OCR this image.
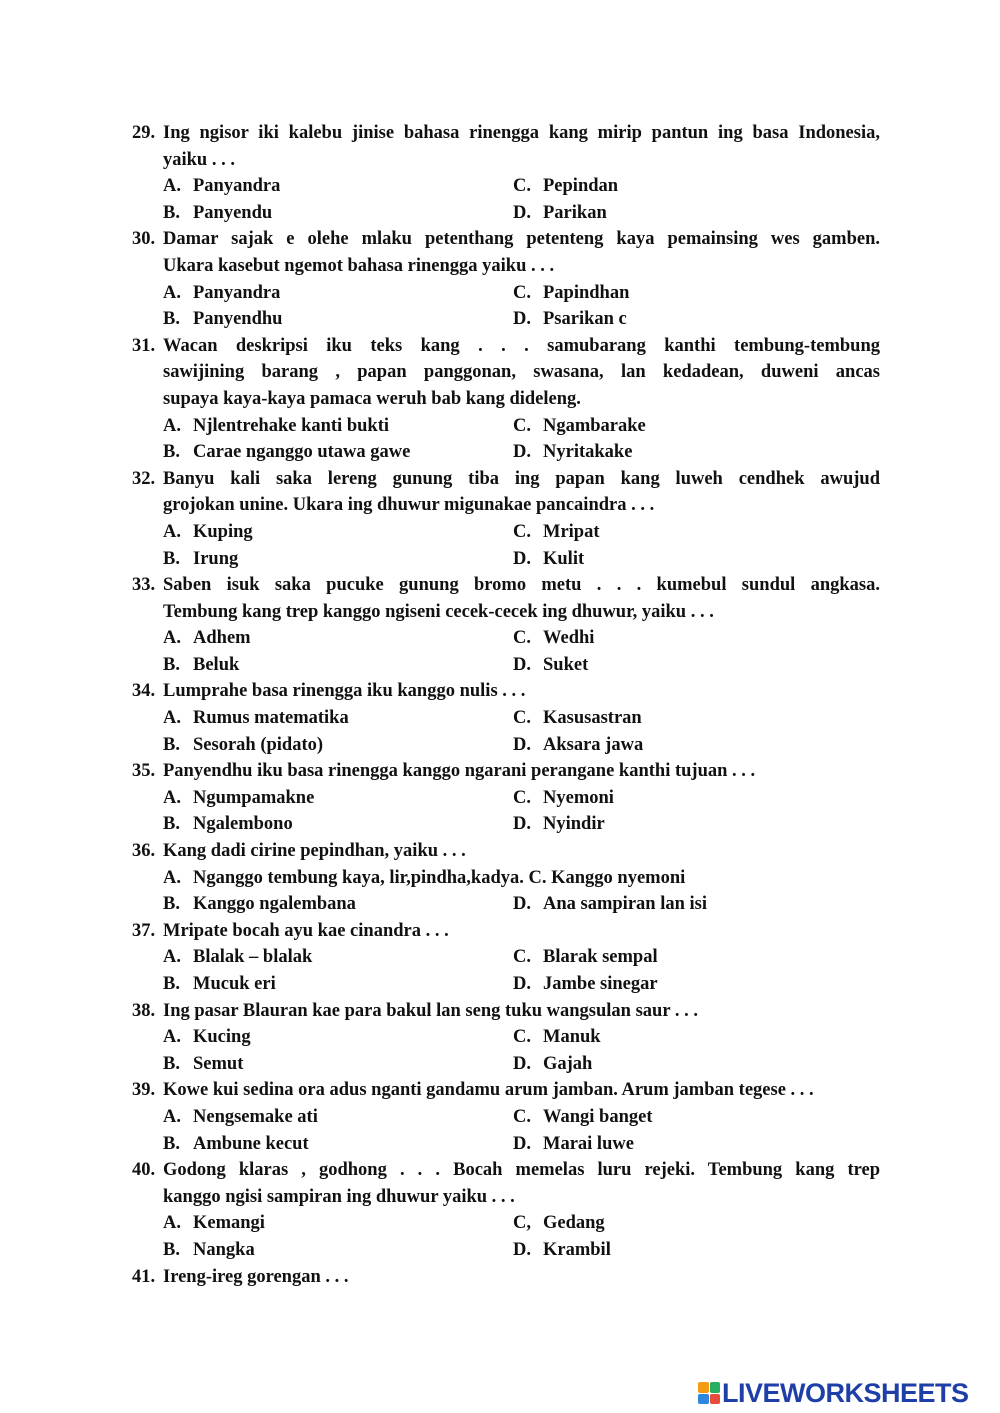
29. Ing ngisor iki kalebu jinise bahasa rinengga kang mirip pantun ing basa Indonesia,
yaiku . . .
A. Panyandra	C. Pepindan
B. Panyendu	D. Parikan
30. Damar sajak e olehe mlaku petenthang petenteng kaya pemainsing wes gamben.
Ukara kasebut ngemot bahasa rinengga yaiku . . .
A. Panyandra	C. Papindhan
B. Panyendhu	D. Psarikan c
31. Wacan deskripsi iku teks kang . . . samubarang kanthi tembung-tembung
sawijining barang , papan panggonan, swasana, lan kedadean, duweni ancas
supaya kaya-kaya pamaca weruh bab kang dideleng.
A. Njlentrehake kanti bukti	C. Ngambarake
B. Carae nganggo utawa gawe	D. Nyritakake
32. Banyu kali saka lereng gunung tiba ing papan kang luweh cendhek awujud
grojokan unine. Ukara ing dhuwur migunakae pancaindra . . .
A. Kuping	C. Mripat
B. Irung	D. Kulit
33. Saben isuk saka pucuke gunung bromo metu . . . kumebul sundul angkasa.
Tembung kang trep kanggo ngiseni cecek-cecek ing dhuwur, yaiku . . .
A. Adhem	C. Wedhi
B. Beluk	D. Suket
34. Lumprahe basa rinengga iku kanggo nulis . . .
A. Rumus matematika	C. Kasusastran
B. Sesorah (pidato)	D. Aksara jawa
35. Panyendhu iku basa rinengga kanggo ngarani perangane kanthi tujuan . . .
A. Ngumpamakne	C. Nyemoni
B. Ngalembono	D. Nyindir
36. Kang dadi cirine pepindhan, yaiku . . .
A. Nganggo tembung kaya, lir,pindha,kadya. C. Kanggo nyemoni
B. Kanggo ngalembana	D. Ana sampiran lan isi
37. Mripate bocah ayu kae cinandra . . .
A. Blalak – blalak	C. Blarak sempal
B. Mucuk eri	D. Jambe sinegar
38. Ing pasar Blauran kae para bakul lan seng tuku wangsulan saur . . .
A. Kucing	C. Manuk
B. Semut	D. Gajah
39. Kowe kui sedina ora adus nganti gandamu arum jamban. Arum jamban tegese . . .
A. Nengsemake ati	C. Wangi banget
B. Ambune kecut	D. Marai luwe
40. Godong klaras , godhong . . . Bocah memelas luru rejeki. Tembung kang trep
kanggo ngisi sampiran ing dhuwur yaiku . . .
A. Kemangi	C, Gedang
B. Nangka	D. Krambil
41. Ireng-ireg gorengan . . .
LIVEWORKSHEETS
